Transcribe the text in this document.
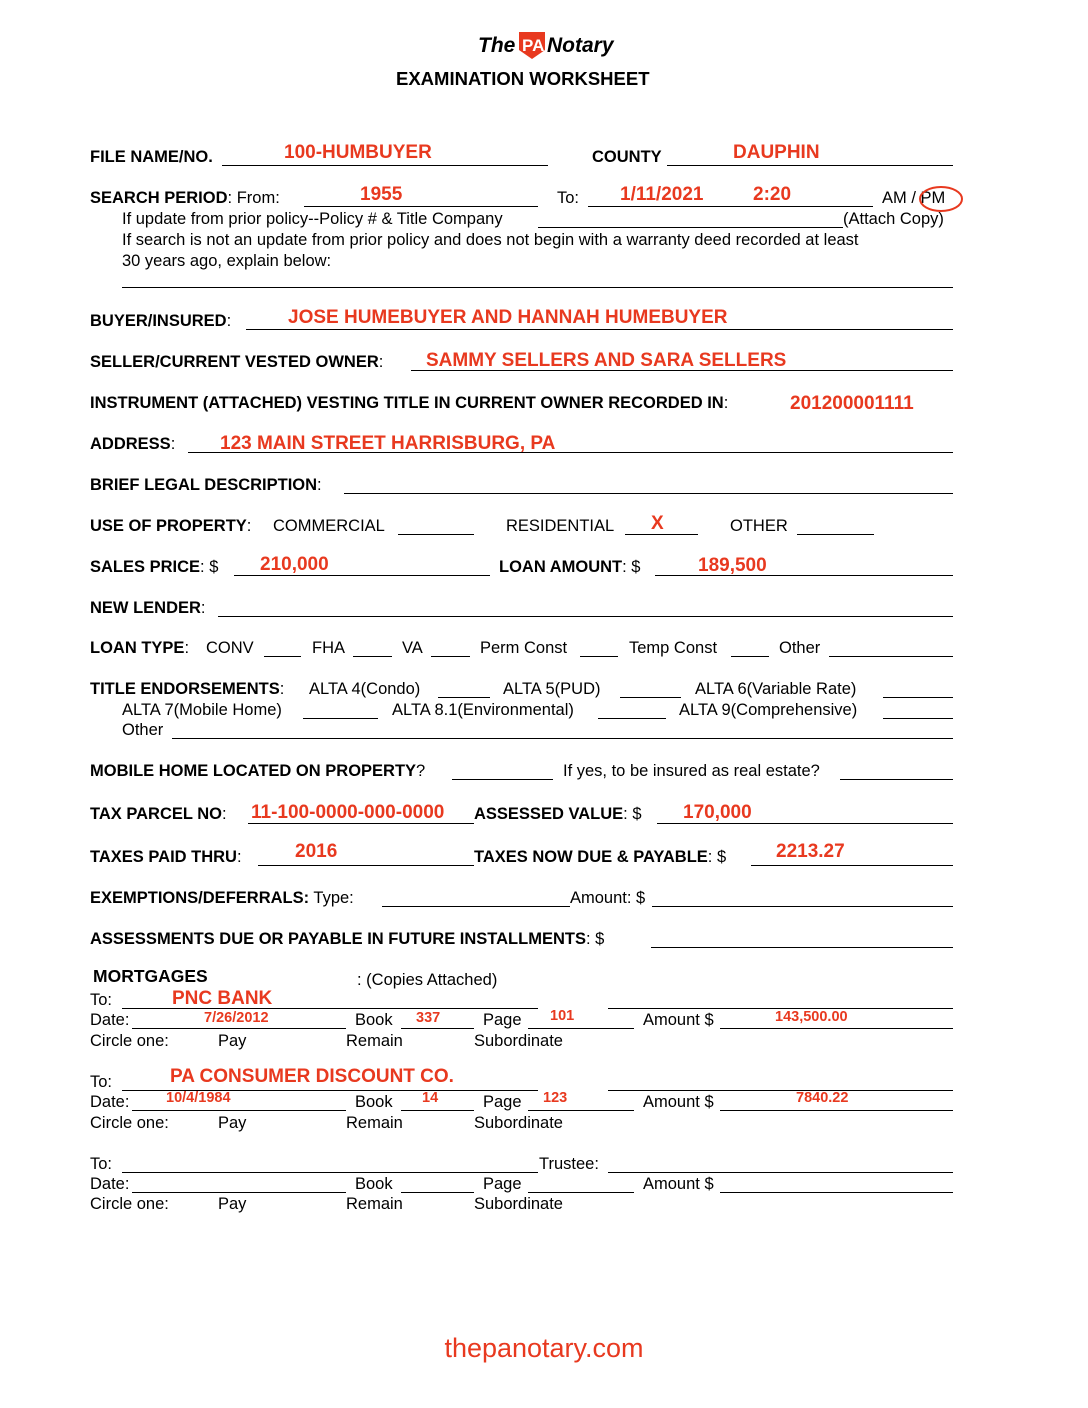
The PA Notary
EXAMINATION WORKSHEET
FILE NAME/NO.	100-HUMBUYER	COUNTY	DAUPHIN
SEARCH PERIOD: From:	1955	To: 1/11/2021	2:20	AM / PM
If update from prior policy--Policy # & Title Company	(Attach Copy)
If search is not an update from prior policy and does not begin with a warranty deed recorded at least
30 years ago, explain below:
BUYER/INSURED:	JOSE HUMEBUYER AND HANNAH HUMEBUYER
SELLER/CURRENT VESTED OWNER: SAMMY SELLERS AND SARA SELLERS
INSTRUMENT (ATTACHED) VESTING TITLE IN CURRENT OWNER RECORDED IN:	201200001111
ADDRESS: 123 MAIN STREET HARRISBURG, PA
BRIEF LEGAL DESCRIPTION:
USE OF PROPERTY: COMMERCIAL	RESIDENTIAL X	OTHER
SALES PRICE: $ 210,000	LOAN AMOUNT: $	189,500
NEW LENDER:
LOAN TYPE: CONV	FHA	VA	Perm Const	Temp Const	Other
TITLE ENDORSEMENTS: ALTA 4(Condo)	ALTA 5(PUD)	ALTA 6(Variable Rate)
ALTA 7(Mobile Home)	ALTA 8.1(Environmental)	ALTA 9(Comprehensive)
Other
MOBILE HOME LOCATED ON PROPERTY?	If yes, to be insured as real estate?
TAX PARCEL NO: 11-100-0000-000-0000 ASSESSED VALUE: $ 170,000
TAXES PAID THRU:	2016	TAXES NOW DUE & PAYABLE: $	2213.27
EXEMPTIONS/DEFERRALS: Type:	Amount: $
ASSESSMENTS DUE OR PAYABLE IN FUTURE INSTALLMENTS: $
MORTGAGES	: (Copies Attached)
To:	PNC BANK
Date:	7/26/2012	Book 337	Page 101	Amount $	143,500.00
Circle one:	Pay	Remain	Subordinate
To:	PA CONSUMER DISCOUNT CO.
Date:	10/4/1984	Book 14	Page 123	Amount $	7840.22
Circle one:	Pay	Remain	Subordinate
To:	Trustee:
Date:	Book	Page	Amount $
Circle one:	Pay	Remain	Subordinate
thepanotary.com
